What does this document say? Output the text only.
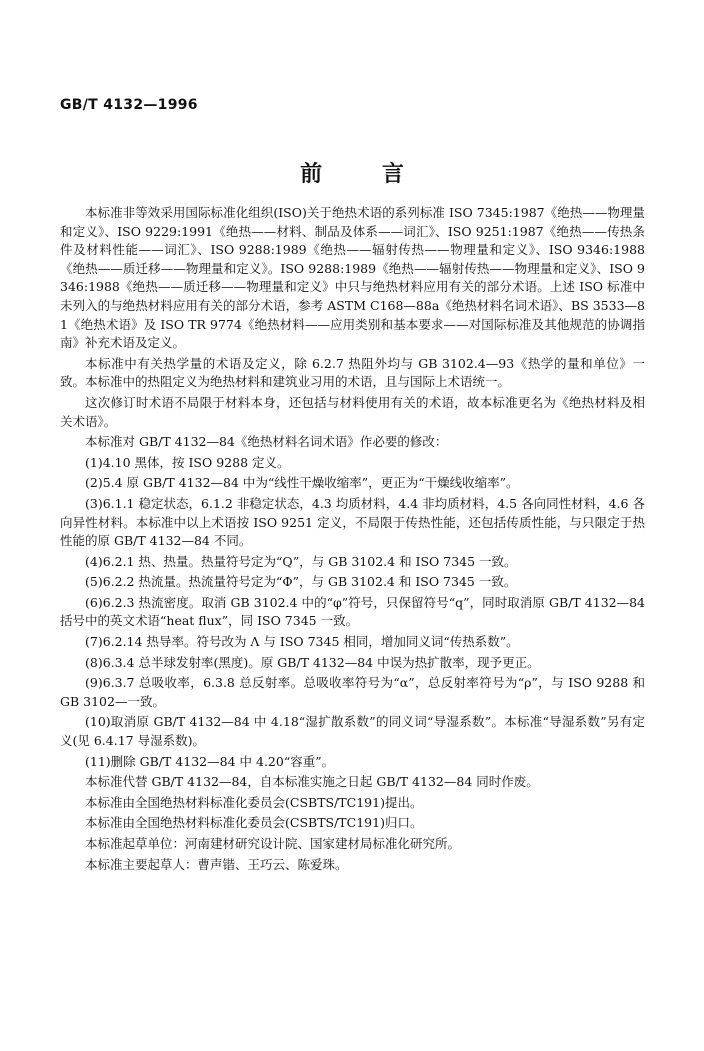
GB/T 4132—1996
前 言

本标准非等效采用国际标准化组织(ISO)关于绝热术语的系列标准 ISO 7345:1987《绝热——物理量和定义》、ISO 9229:1991《绝热——材料、制品及体系——词汇》、ISO 9251:1987《绝热——传热条件及材料性能——词汇》、ISO 9288:1989《绝热——辐射传热——物理量和定义》、ISO 9346:1988《绝热——质迁移——物理量和定义》。ISO 9288:1989《绝热——辐射传热——物理量和定义》、ISO 9346:1988《绝热——质迁移——物理量和定义》中只与绝热材料应用有关的部分术语。上述 ISO 标准中未列入的与绝热材料应用有关的部分术语，参考 ASTM C168—88a《绝热材料名词术语》、BS 3533—81《绝热术语》及 ISO TR 9774《绝热材料——应用类别和基本要求——对国际标准及其他规范的协调指南》补充术语及定义。

本标准中有关热学量的术语及定义，除 6.2.7 热阻外均与 GB 3102.4—93《热学的量和单位》一致。本标准中的热阻定义为绝热材料和建筑业习用的术语，且与国际上术语统一。

这次修订时术语不局限于材料本身，还包括与材料使用有关的术语，故本标准更名为《绝热材料及相关术语》。

本标准对 GB/T 4132—84《绝热材料名词术语》作必要的修改：

(1)4.10 黑体，按 ISO 9288 定义。

(2)5.4 原 GB/T 4132—84 中为“线性干燥收缩率”，更正为“干燥线收缩率”。

(3)6.1.1 稳定状态，6.1.2 非稳定状态，4.3 均质材料，4.4 非均质材料，4.5 各向同性材料，4.6 各向异性材料。本标准中以上术语按 ISO 9251 定义，不局限于传热性能，还包括传质性能，与只限定于热性能的原 GB/T 4132—84 不同。

(4)6.2.1 热、热量。热量符号定为“Q”，与 GB 3102.4 和 ISO 7345 一致。

(5)6.2.2 热流量。热流量符号定为“Φ”，与 GB 3102.4 和 ISO 7345 一致。

(6)6.2.3 热流密度。取消 GB 3102.4 中的“φ”符号，只保留符号“q”，同时取消原 GB/T 4132—84 括号中的英文术语“heat flux”，同 ISO 7345 一致。

(7)6.2.14 热导率。符号改为 Λ 与 ISO 7345 相同，增加同义词“传热系数”。

(8)6.3.4 总半球发射率(黑度)。原 GB/T 4132—84 中误为热扩散率，现予更正。

(9)6.3.7 总吸收率，6.3.8 总反射率。总吸收率符号为“α”，总反射率符号为“ρ”，与 ISO 9288 和 GB 3102—一致。

(10)取消原 GB/T 4132—84 中 4.18“湿扩散系数”的同义词“导湿系数”。本标准“导湿系数”另有定义(见 6.4.17 导湿系数)。

(11)删除 GB/T 4132—84 中 4.20“容重”。

本标准代替 GB/T 4132—84，自本标准实施之日起 GB/T 4132—84 同时作废。

本标准由全国绝热材料标准化委员会(CSBTS/TC191)提出。

本标准由全国绝热材料标准化委员会(CSBTS/TC191)归口。

本标准起草单位：河南建材研究设计院、国家建材局标准化研究所。

本标准主要起草人：曹声锴、王巧云、陈爱珠。
